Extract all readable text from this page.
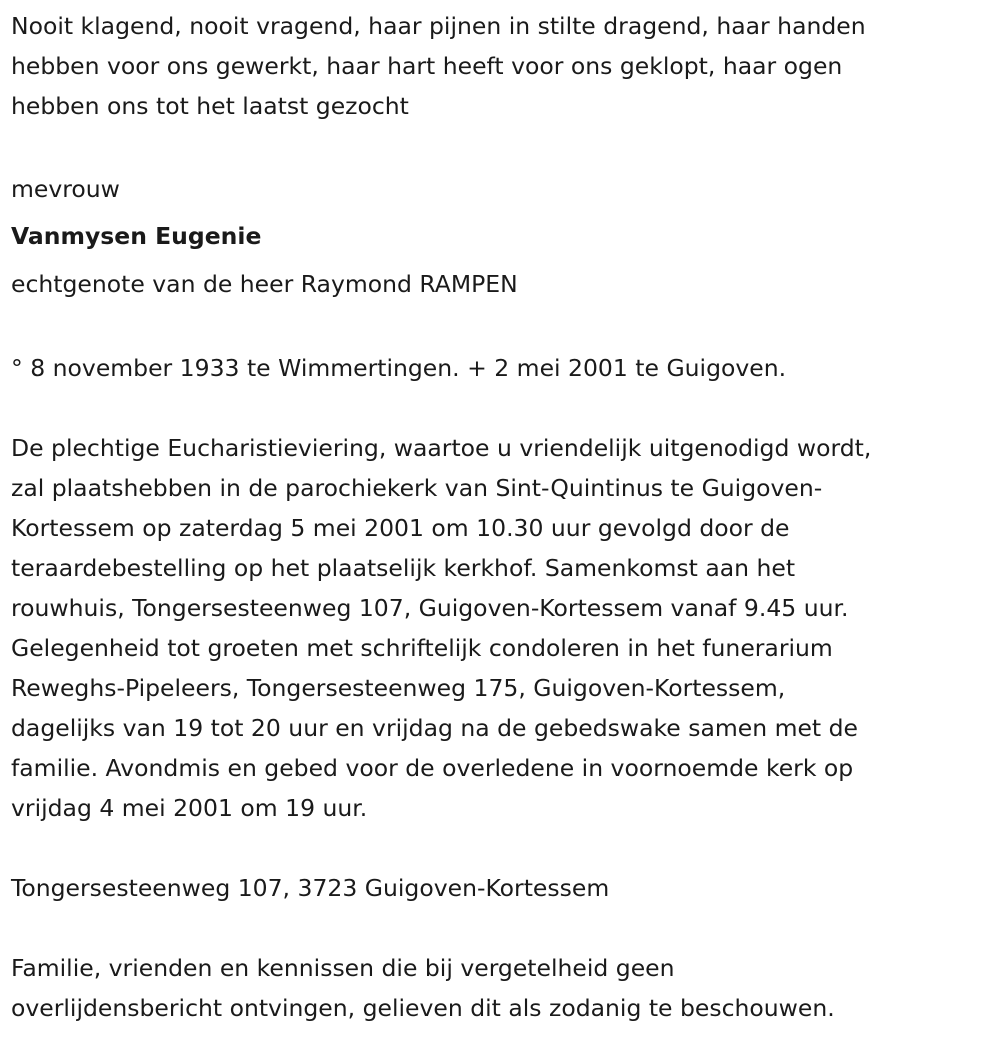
Nooit klagend, nooit vragend, haar pijnen in stilte dragend, haar handen
hebben voor ons gewerkt, haar hart heeft voor ons geklopt, haar ogen
hebben ons tot het laatst gezocht
mevrouw
Vanmysen Eugenie
echtgenote van de heer Raymond RAMPEN
° 8 november 1933 te Wimmertingen. + 2 mei 2001 te Guigoven.
De plechtige Eucharistieviering, waartoe u vriendelijk uitgenodigd wordt,
zal plaatshebben in de parochiekerk van Sint-Quintinus te Guigoven-
Kortessem op zaterdag 5 mei 2001 om 10.30 uur gevolgd door de
teraardebestelling op het plaatselijk kerkhof. Samenkomst aan het
rouwhuis, Tongersesteenweg 107, Guigoven-Kortessem vanaf 9.45 uur.
Gelegenheid tot groeten met schriftelijk condoleren in het funerarium
Reweghs-Pipeleers, Tongersesteenweg 175, Guigoven-Kortessem,
dagelijks van 19 tot 20 uur en vrijdag na de gebedswake samen met de
familie. Avondmis en gebed voor de overledene in voornoemde kerk op
vrijdag 4 mei 2001 om 19 uur.
Tongersesteenweg 107, 3723 Guigoven-Kortessem
Familie, vrienden en kennissen die bij vergetelheid geen
overlijdensbericht ontvingen, gelieven dit als zodanig te beschouwen.
